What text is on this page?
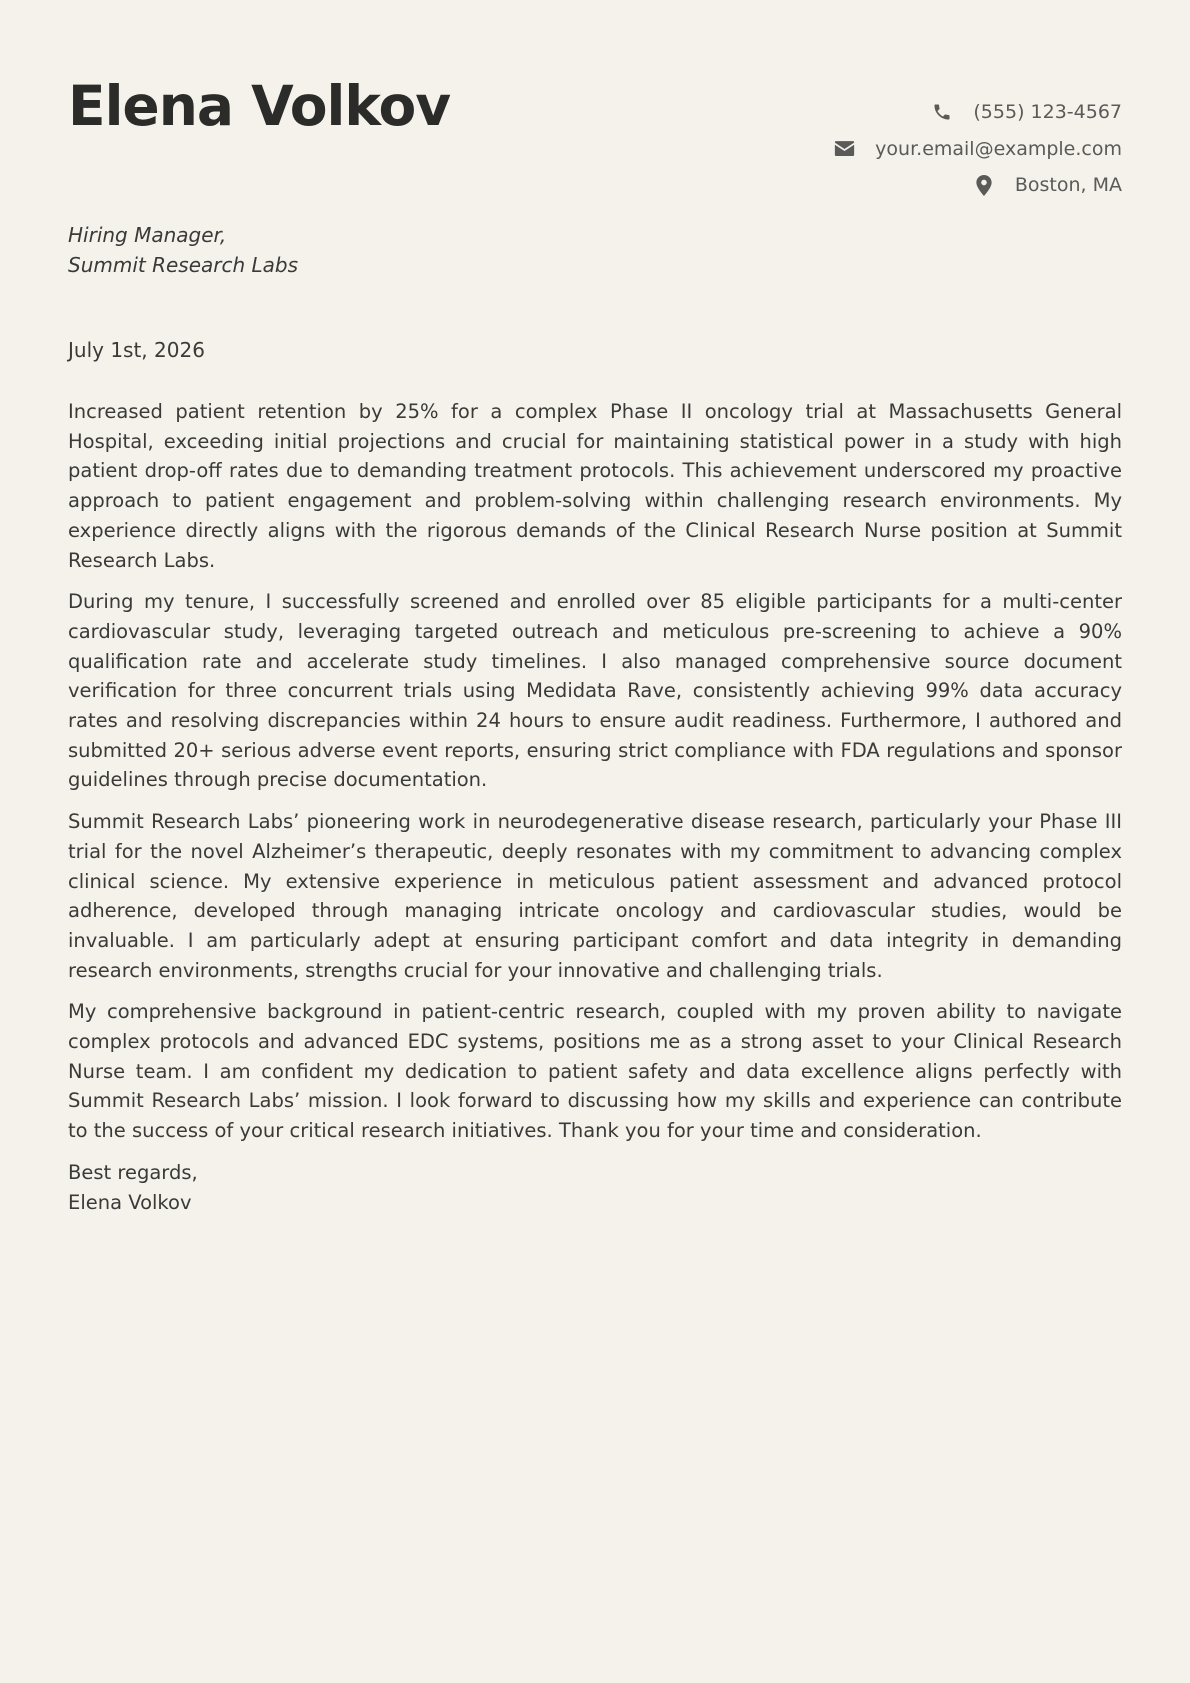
Elena Volkov	(555) 123-4567
your.email@example.com
Boston, MA
Hiring Manager,
Summit Research Labs
July 1st, 2026

Increased patient retention by 25% for a complex Phase II oncology trial at Massachusetts General Hospital, exceeding initial projections and crucial for maintaining statistical power in a study with high patient drop-off rates due to demanding treatment protocols. This achievement underscored my proactive approach to patient engagement and problem-solving within challenging research environments. My experience directly aligns with the rigorous demands of the Clinical Research Nurse position at Summit Research Labs.

During my tenure, I successfully screened and enrolled over 85 eligible participants for a multi-center cardiovascular study, leveraging targeted outreach and meticulous pre-screening to achieve a 90% qualification rate and accelerate study timelines. I also managed comprehensive source document verification for three concurrent trials using Medidata Rave, consistently achieving 99% data accuracy rates and resolving discrepancies within 24 hours to ensure audit readiness. Furthermore, I authored and submitted 20+ serious adverse event reports, ensuring strict compliance with FDA regulations and sponsor guidelines through precise documentation.

Summit Research Labs’ pioneering work in neurodegenerative disease research, particularly your Phase III trial for the novel Alzheimer’s therapeutic, deeply resonates with my commitment to advancing complex clinical science. My extensive experience in meticulous patient assessment and advanced protocol adherence, developed through managing intricate oncology and cardiovascular studies, would be invaluable. I am particularly adept at ensuring participant comfort and data integrity in demanding research environments, strengths crucial for your innovative and challenging trials.

My comprehensive background in patient-centric research, coupled with my proven ability to navigate complex protocols and advanced EDC systems, positions me as a strong asset to your Clinical Research Nurse team. I am confident my dedication to patient safety and data excellence aligns perfectly with Summit Research Labs’ mission. I look forward to discussing how my skills and experience can contribute to the success of your critical research initiatives. Thank you for your time and consideration.

Best regards,
Elena Volkov
